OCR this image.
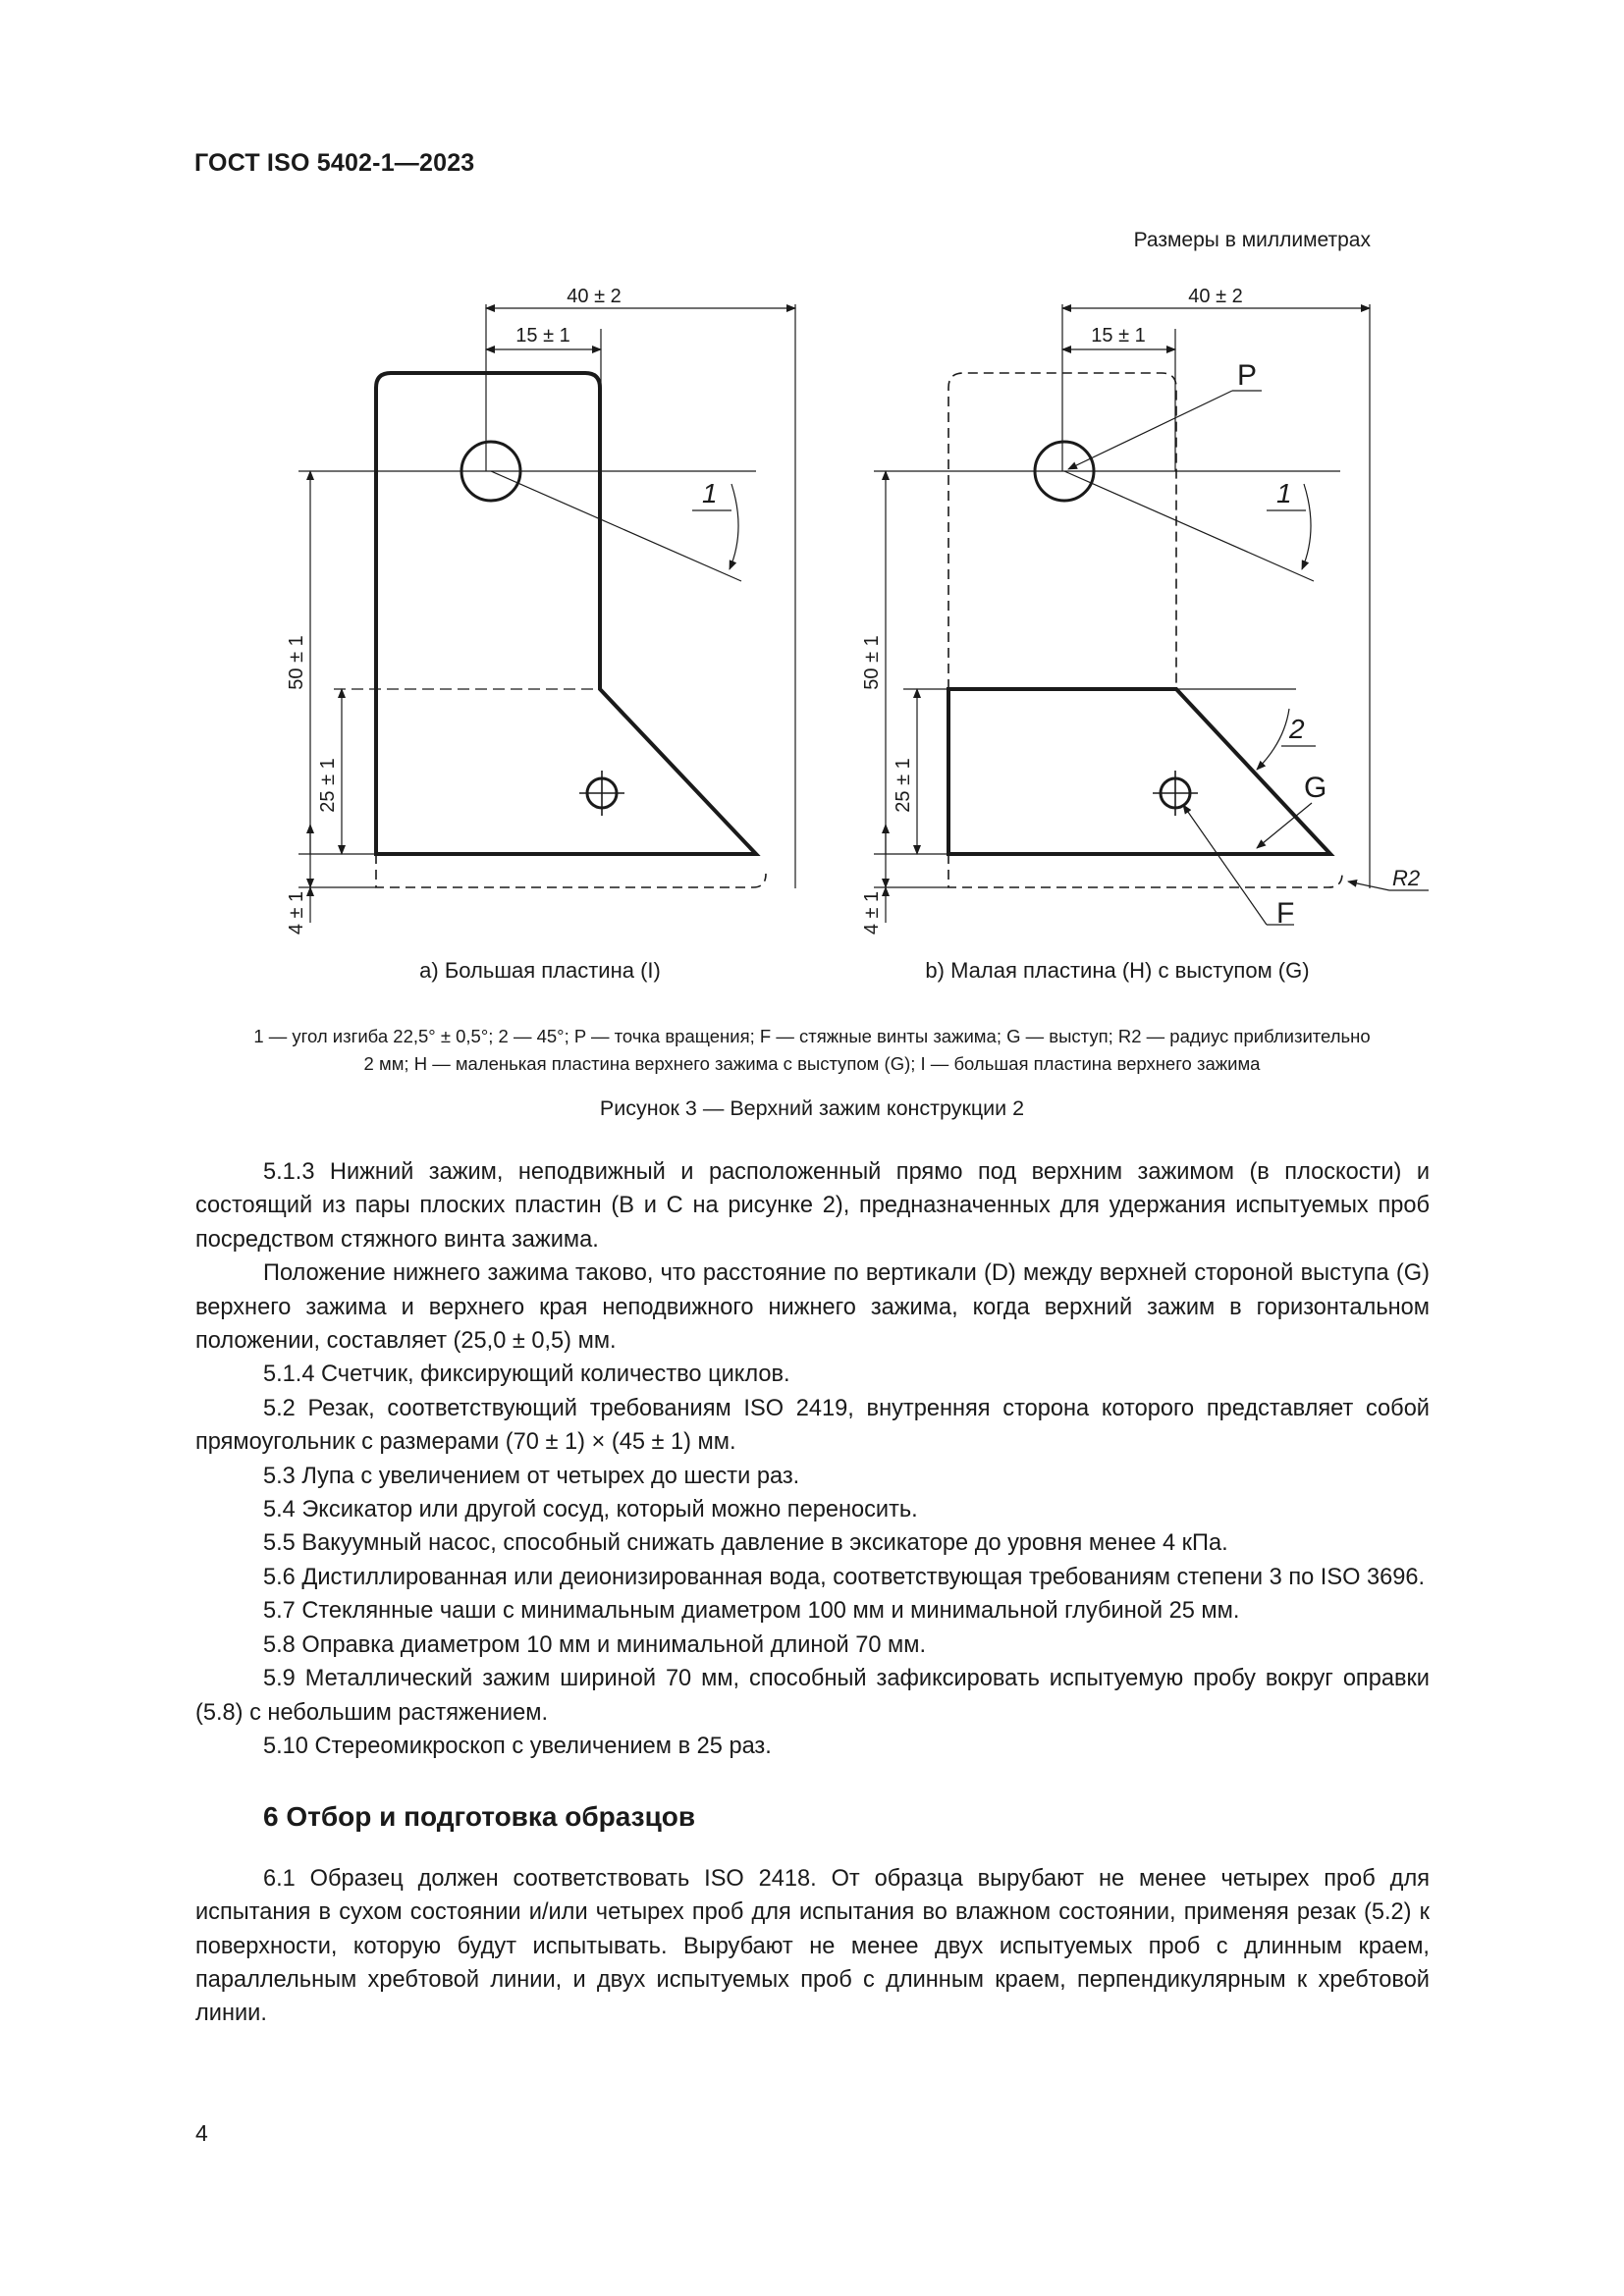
ГОСТ ISO 5402-1—2023
Размеры в миллиметрах
40 ± 2
15 ± 1
50 ± 1
25 ± 1
4 ± 1
1
а) Большая пластина (I)
40 ± 2
15 ± 1
50 ± 1
25 ± 1
4 ± 1
P
1
2
G
F
R2
b) Малая пластина (H) с выступом (G)
1 — угол изгиба 22,5° ± 0,5°; 2 — 45°; P — точка вращения; F — стяжные винты зажима; G — выступ; R2 — радиус приблизительно
2 мм; H — маленькая пластина верхнего зажима с выступом (G); I — большая пластина верхнего зажима
Рисунок 3 — Верхний зажим конструкции 2

5.1.3 Нижний зажим, неподвижный и расположенный прямо под верхним зажимом (в плоскости) и состоящий из пары плоских пластин (B и C на рисунке 2), предназначенных для удержания испытуемых проб посредством стяжного винта зажима.

Положение нижнего зажима таково, что расстояние по вертикали (D) между верхней стороной выступа (G) верхнего зажима и верхнего края неподвижного нижнего зажима, когда верхний зажим в горизонтальном положении, составляет (25,0 ± 0,5) мм.

5.1.4 Счетчик, фиксирующий количество циклов.

5.2 Резак, соответствующий требованиям ISO 2419, внутренняя сторона которого представляет собой прямоугольник с размерами (70 ± 1) × (45 ± 1) мм.

5.3 Лупа с увеличением от четырех до шести раз.

5.4 Эксикатор или другой сосуд, который можно переносить.

5.5 Вакуумный насос, способный снижать давление в эксикаторе до уровня менее 4 кПа.

5.6 Дистиллированная или деионизированная вода, соответствующая требованиям степени 3 по ISO 3696.

5.7 Стеклянные чаши с минимальным диаметром 100 мм и минимальной глубиной 25 мм.

5.8 Оправка диаметром 10 мм и минимальной длиной 70 мм.

5.9 Металлический зажим шириной 70 мм, способный зафиксировать испытуемую пробу вокруг оправки (5.8) с небольшим растяжением.

5.10 Стереомикроскоп с увеличением в 25 раз.

6 Отбор и подготовка образцов

6.1 Образец должен соответствовать ISO 2418. От образца вырубают не менее четырех проб для испытания в сухом состоянии и/или четырех проб для испытания во влажном состоянии, применяя резак (5.2) к поверхности, которую будут испытывать. Вырубают не менее двух испытуемых проб с длинным краем, параллельным хребтовой линии, и двух испытуемых проб с длинным краем, перпендикулярным к хребтовой линии.

4
